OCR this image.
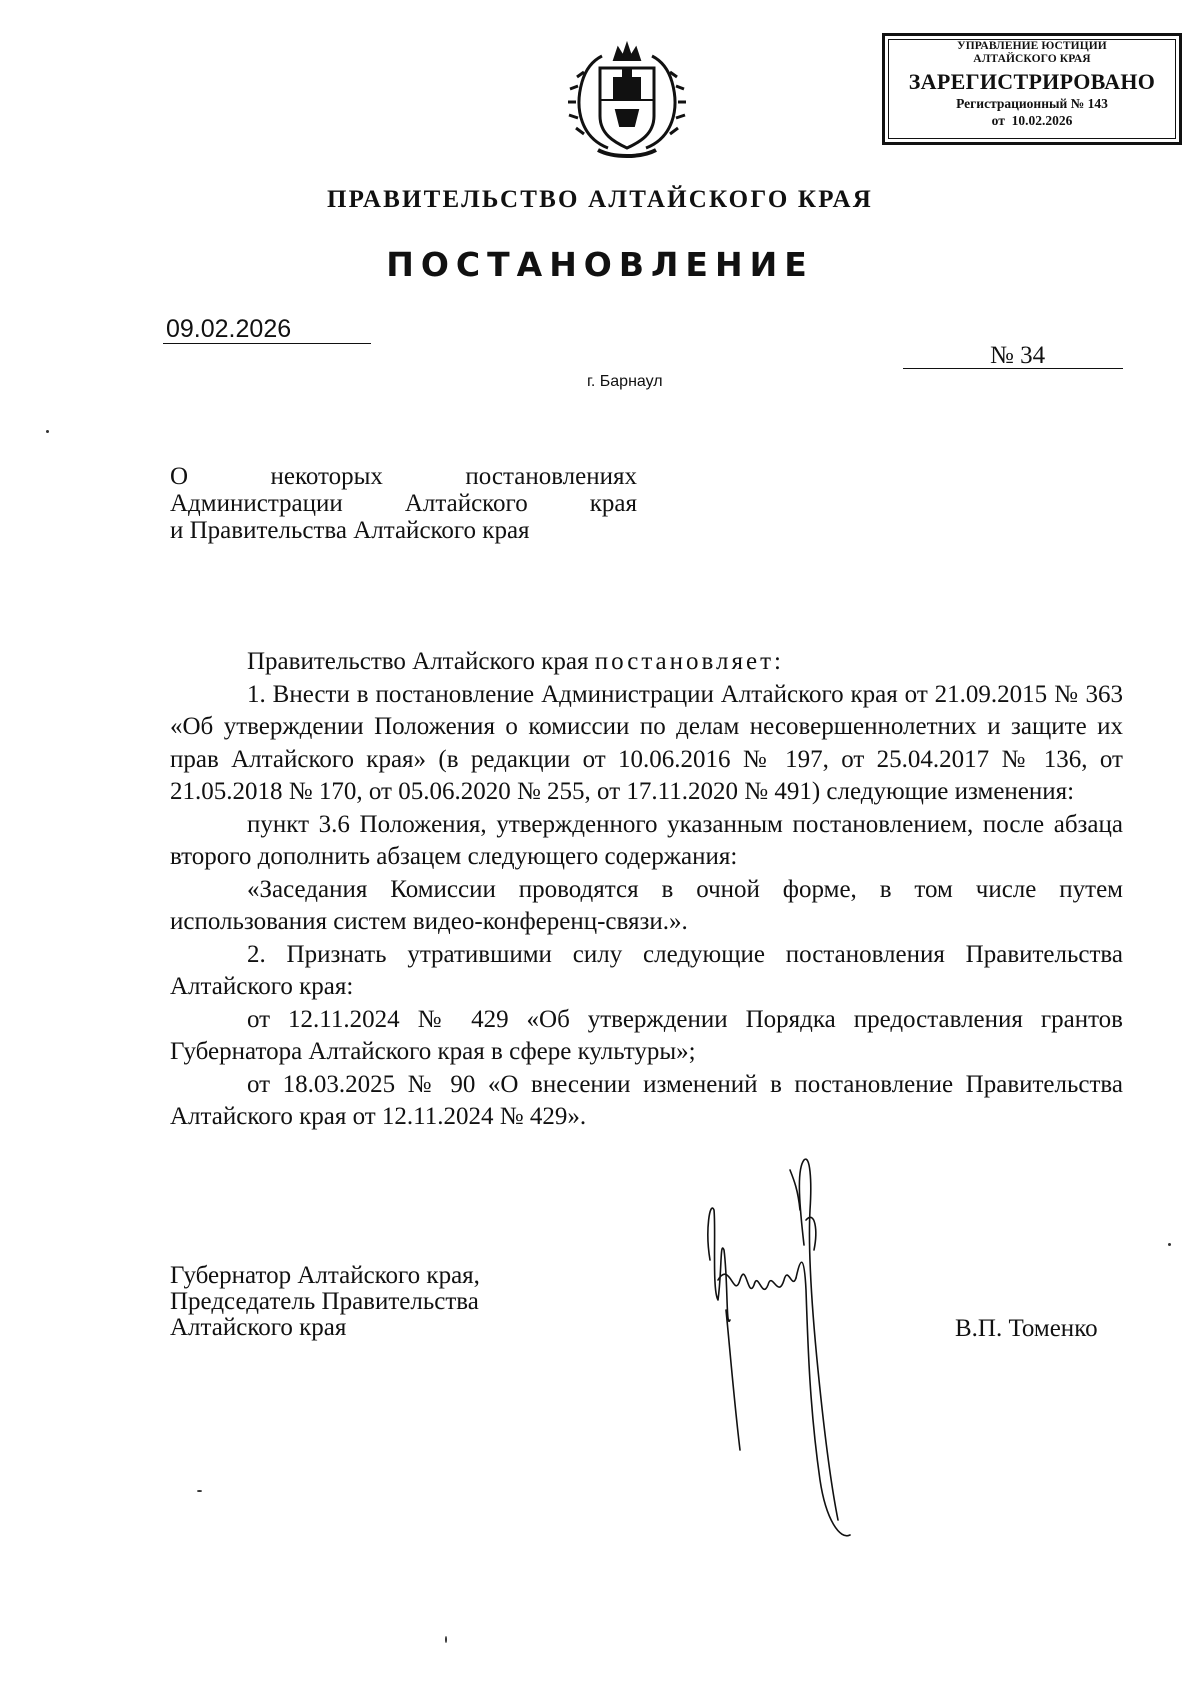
УПРАВЛЕНИЕ ЮСТИЦИИ
АЛТАЙСКОГО КРАЯ
ЗАРЕГИСТРИРОВАНО
Регистрационный № 143
от  10.02.2026
ПРАВИТЕЛЬСТВО АЛТАЙСКОГО КРАЯ
ПОСТАНОВЛЕНИЕ
09.02.2026
№ 34
г. Барнаул
О некоторых постановлениях
Администрации Алтайского края
и Правительства Алтайского края

Правительство Алтайского края постановляет:

1. Внести в постановление Администрации Алтайского края от 21.09.2015 № 363 «Об утверждении Положения о комиссии по делам несовершеннолетних и защите их прав Алтайского края» (в редакции от 10.06.2016 № 197, от 25.04.2017 № 136, от 21.05.2018 № 170, от 05.06.2020 № 255, от 17.11.2020 № 491) следующие изменения:

пункт 3.6 Положения, утвержденного указанным постановлением, после абзаца второго дополнить абзацем следующего содержания:

«Заседания Комиссии проводятся в очной форме, в том числе путем использования систем видео-конференц-связи.».

2. Признать утратившими силу следующие постановления Правительства Алтайского края:

от 12.11.2024 № 429 «Об утверждении Порядка предоставления грантов Губернатора Алтайского края в сфере культуры»;

от 18.03.2025 № 90 «О внесении изменений в постановление Правительства Алтайского края от 12.11.2024 № 429».

Губернатор Алтайского края,
Председатель Правительства
Алтайского края	В.П. Томенко
